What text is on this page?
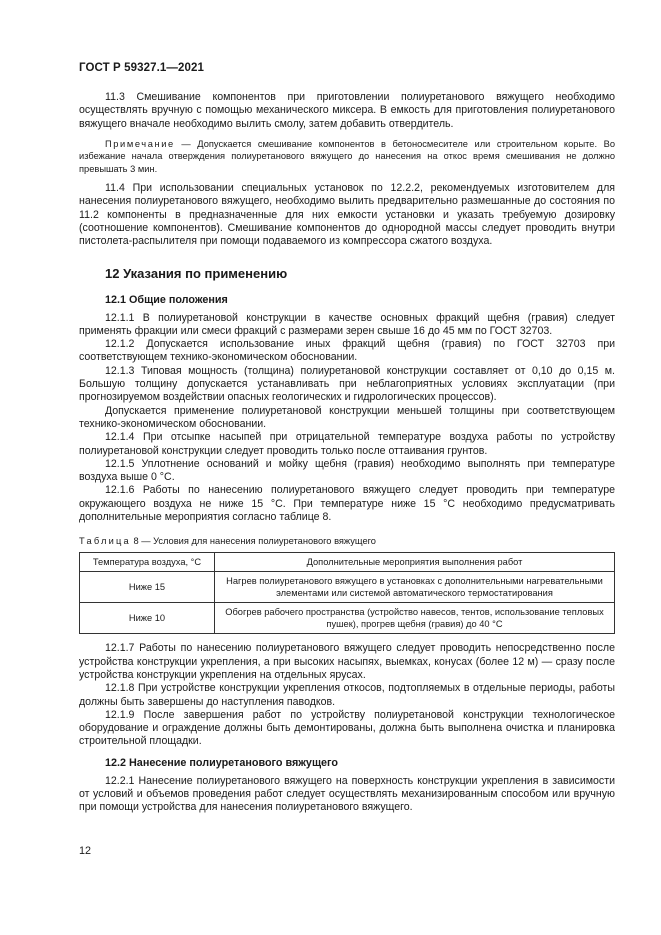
ГОСТ Р 59327.1—2021

11.3 Смешивание компонентов при приготовлении полиуретанового вяжущего необходимо осуществлять вручную с помощью механического миксера. В емкость для приготовления полиуретанового вяжущего вначале необходимо вылить смолу, затем добавить отвердитель.

Примечание — Допускается смешивание компонентов в бетоносмесителе или строительном корыте. Во избежание начала отверждения полиуретанового вяжущего до нанесения на откос время смешивания не должно превышать 3 мин.

11.4 При использовании специальных установок по 12.2.2, рекомендуемых изготовителем для нанесения полиуретанового вяжущего, необходимо вылить предварительно размешанные до состояния по 11.2 компоненты в предназначенные для них емкости установки и указать требуемую дозировку (соотношение компонентов). Смешивание компонентов до однородной массы следует проводить внутри пистолета-распылителя при помощи подаваемого из компрессора сжатого воздуха.

12 Указания по применению
12.1 Общие положения

12.1.1 В полиуретановой конструкции в качестве основных фракций щебня (гравия) следует применять фракции или смеси фракций с размерами зерен свыше 16 до 45 мм по ГОСТ 32703.

12.1.2 Допускается использование иных фракций щебня (гравия) по ГОСТ 32703 при соответствующем технико-экономическом обосновании.

12.1.3 Типовая мощность (толщина) полиуретановой конструкции составляет от 0,10 до 0,15 м. Большую толщину допускается устанавливать при неблагоприятных условиях эксплуатации (при прогнозируемом воздействии опасных геологических и гидрологических процессов).

Допускается применение полиуретановой конструкции меньшей толщины при соответствующем технико-экономическом обосновании.

12.1.4 При отсыпке насыпей при отрицательной температуре воздуха работы по устройству полиуретановой конструкции следует проводить только после оттаивания грунтов.

12.1.5 Уплотнение оснований и мойку щебня (гравия) необходимо выполнять при температуре воздуха выше 0 °С.

12.1.6 Работы по нанесению полиуретанового вяжущего следует проводить при температуре окружающего воздуха не ниже 15 °С. При температуре ниже 15 °С необходимо предусматривать дополнительные мероприятия согласно таблице 8.

Таблица 8 — Условия для нанесения полиуретанового вяжущего
Температура воздуха, °С	Дополнительные мероприятия выполнения работ
Ниже 15	Нагрев полиуретанового вяжущего в установках с дополнительными нагревательными элементами или системой автоматического термостатирования
Ниже 10	Обогрев рабочего пространства (устройство навесов, тентов, использование тепловых пушек), прогрев щебня (гравия) до 40 °С

12.1.7 Работы по нанесению полиуретанового вяжущего следует проводить непосредственно после устройства конструкции укрепления, а при высоких насыпях, выемках, конусах (более 12 м) — сразу после устройства конструкции укрепления на отдельных ярусах.

12.1.8 При устройстве конструкции укрепления откосов, подтопляемых в отдельные периоды, работы должны быть завершены до наступления паводков.

12.1.9 После завершения работ по устройству полиуретановой конструкции технологическое оборудование и ограждение должны быть демонтированы, должна быть выполнена очистка и планировка строительной площадки.

12.2 Нанесение полиуретанового вяжущего

12.2.1 Нанесение полиуретанового вяжущего на поверхность конструкции укрепления в зависимости от условий и объемов проведения работ следует осуществлять механизированным способом или вручную при помощи устройства для нанесения полиуретанового вяжущего.

12
